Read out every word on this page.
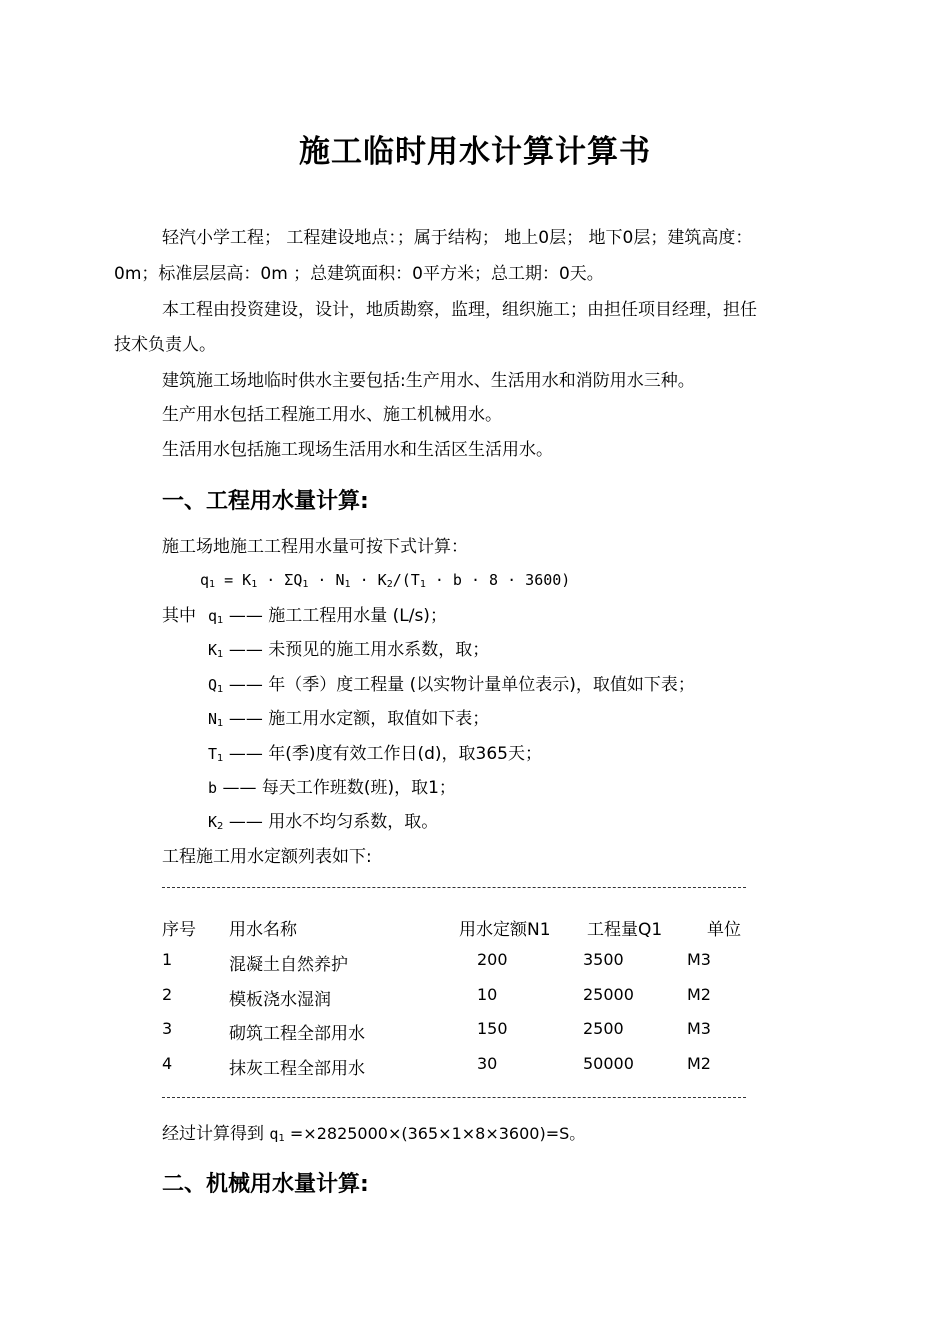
施工临时用水计算计算书
轻汽小学工程； 工程建设地点：；属于结构； 地上0层； 地下0层；建筑高度：
0m；标准层层高：0m ；总建筑面积：0平方米；总工期：0天。
本工程由投资建设，设计，地质勘察，监理，组织施工；由担任项目经理，担任
技术负责人。
建筑施工场地临时供水主要包括:生产用水、生活用水和消防用水三种。
生产用水包括工程施工用水、施工机械用水。
生活用水包括施工现场生活用水和生活区生活用水。
一、工程用水量计算:
施工场地施工工程用水量可按下式计算：
$q_1 = K_1 \cdot \Sigma Q_1 \cdot N_1 \cdot K_2/(T_1 \cdot b \cdot 8 \cdot 3600)$
其中 $q_1$ —— 施工工程用水量 (L/s)；
$K_1$ —— 未预见的施工用水系数，取；
$Q_1$ —— 年（季）度工程量 (以实物计量单位表示)，取值如下表；
$N_1$ —— 施工用水定额，取值如下表；
$T_1$ —— 年(季)度有效工作日(d)，取365天；
b —— 每天工作班数(班)，取1；
$K_2$ —— 用水不均匀系数，取。
工程施工用水定额列表如下:
序号 用水名称	用水定额N1 工程量Q1	单位
1	混凝土自然养护	200	3500	M3
2	模板浇水湿润	10	25000	M2
3	砌筑工程全部用水	150	2500	M3
4	抹灰工程全部用水	30	50000	M2
经过计算得到 $q_1 =\times 2825000\times(365\times 1\times 8\times 3600)=S$。
二、机械用水量计算:
